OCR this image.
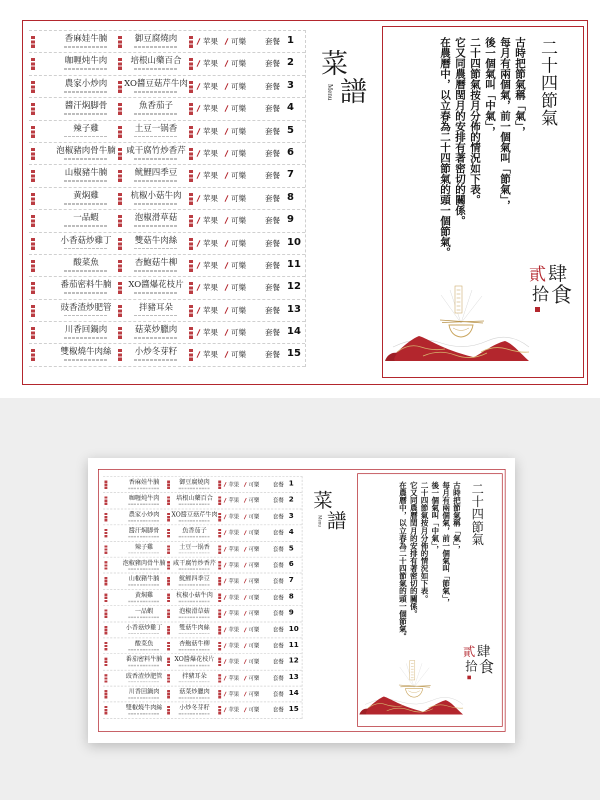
香麻娃牛腩	御豆腐燒肉	苹果 可樂	套餐 1
咖喱炖牛肉	培根山藥百合	苹果 可樂	套餐 2
農家小炒肉	XO醬豆菇芹牛肉	苹果 可樂	套餐 3
醬汗焖脚骨	魚香茄子	苹果 可樂	套餐 4
辣子雞	土豆一锅香	苹果 可樂	套餐 5
泡椒豬肉骨牛腩	咸干腐竹炒香芹	苹果 可樂	套餐 6
山椒豬牛腩	鱿鯉四季豆	苹果 可樂	套餐 7
黄焖雞	杭椒小菇牛肉	苹果 可樂	套餐 8
一品蝦	泡椒滑草菇	苹果 可樂	套餐 9
小香菇炒雞丁	雙菇牛肉絲	苹果 可樂	套餐 10
酸菜魚	杏鮑菇牛柳	苹果 可樂	套餐 11
番茄密料牛腩	XO醬爆花枝片	苹果 可樂	套餐 12
豉香渣炒肥管	拌豬耳朵	苹果 可樂	套餐 13
川香回鍋肉	菇菜炒臘肉	苹果 可樂	套餐 14
雙椒燒牛肉絲	小炒冬芽籽	苹果 可樂	套餐 15
菜
譜
Menu	二十四節氣

古時把節氣稱「氣」，

每月有兩個氣，前一個氣叫「節氣」，

後一個氣叫「中氣」，

二十四節氣按月分佈的情況如下表。

它又同農曆閏月的安排有著密切的關係。

在農曆中，以立春為二十四節氣的頭一個節氣。

貳 肆
拾 食
香麻娃牛腩	御豆腐燒肉	苹果 可樂 套餐 1
咖喱炖牛肉	培根山藥百合	苹果 可樂 套餐 2
農家小炒肉	XO醬豆菇芹牛肉 苹果 可樂 套餐 3
醬汗焖脚骨	魚香茄子	苹果 可樂 套餐 4
辣子雞	土豆一锅香	苹果 可樂 套餐 5
泡椒豬肉骨牛腩 咸干腐竹炒香芹	苹果 可樂 套餐 6
山椒豬牛腩	鱿鯉四季豆	苹果 可樂 套餐 7
黄焖雞	杭椒小菇牛肉	苹果 可樂 套餐 8
一品蝦	泡椒滑草菇	苹果 可樂 套餐 9
小香菇炒雞丁	雙菇牛肉絲	苹果 可樂 套餐 10
酸菜魚	杏鮑菇牛柳	苹果 可樂 套餐 11
番茄密料牛腩	XO醬爆花枝片	苹果 可樂 套餐 12
豉香渣炒肥管	拌豬耳朵	苹果 可樂 套餐 13
川香回鍋肉	菇菜炒臘肉	苹果 可樂 套餐 14
雙椒燒牛肉絲	小炒冬芽籽	苹果 可樂 套餐 15
菜
譜
Menu	二十四節氣

古時把節氣稱「氣」，

每月有兩個氣，前一個氣叫「節氣」，

後一個氣叫「中氣」，

二十四節氣按月分佈的情況如下表。

它又同農曆閏月的安排有著密切的關係。

在農曆中，以立春為二十四節氣的頭一個節氣。

貳 肆
拾 食
